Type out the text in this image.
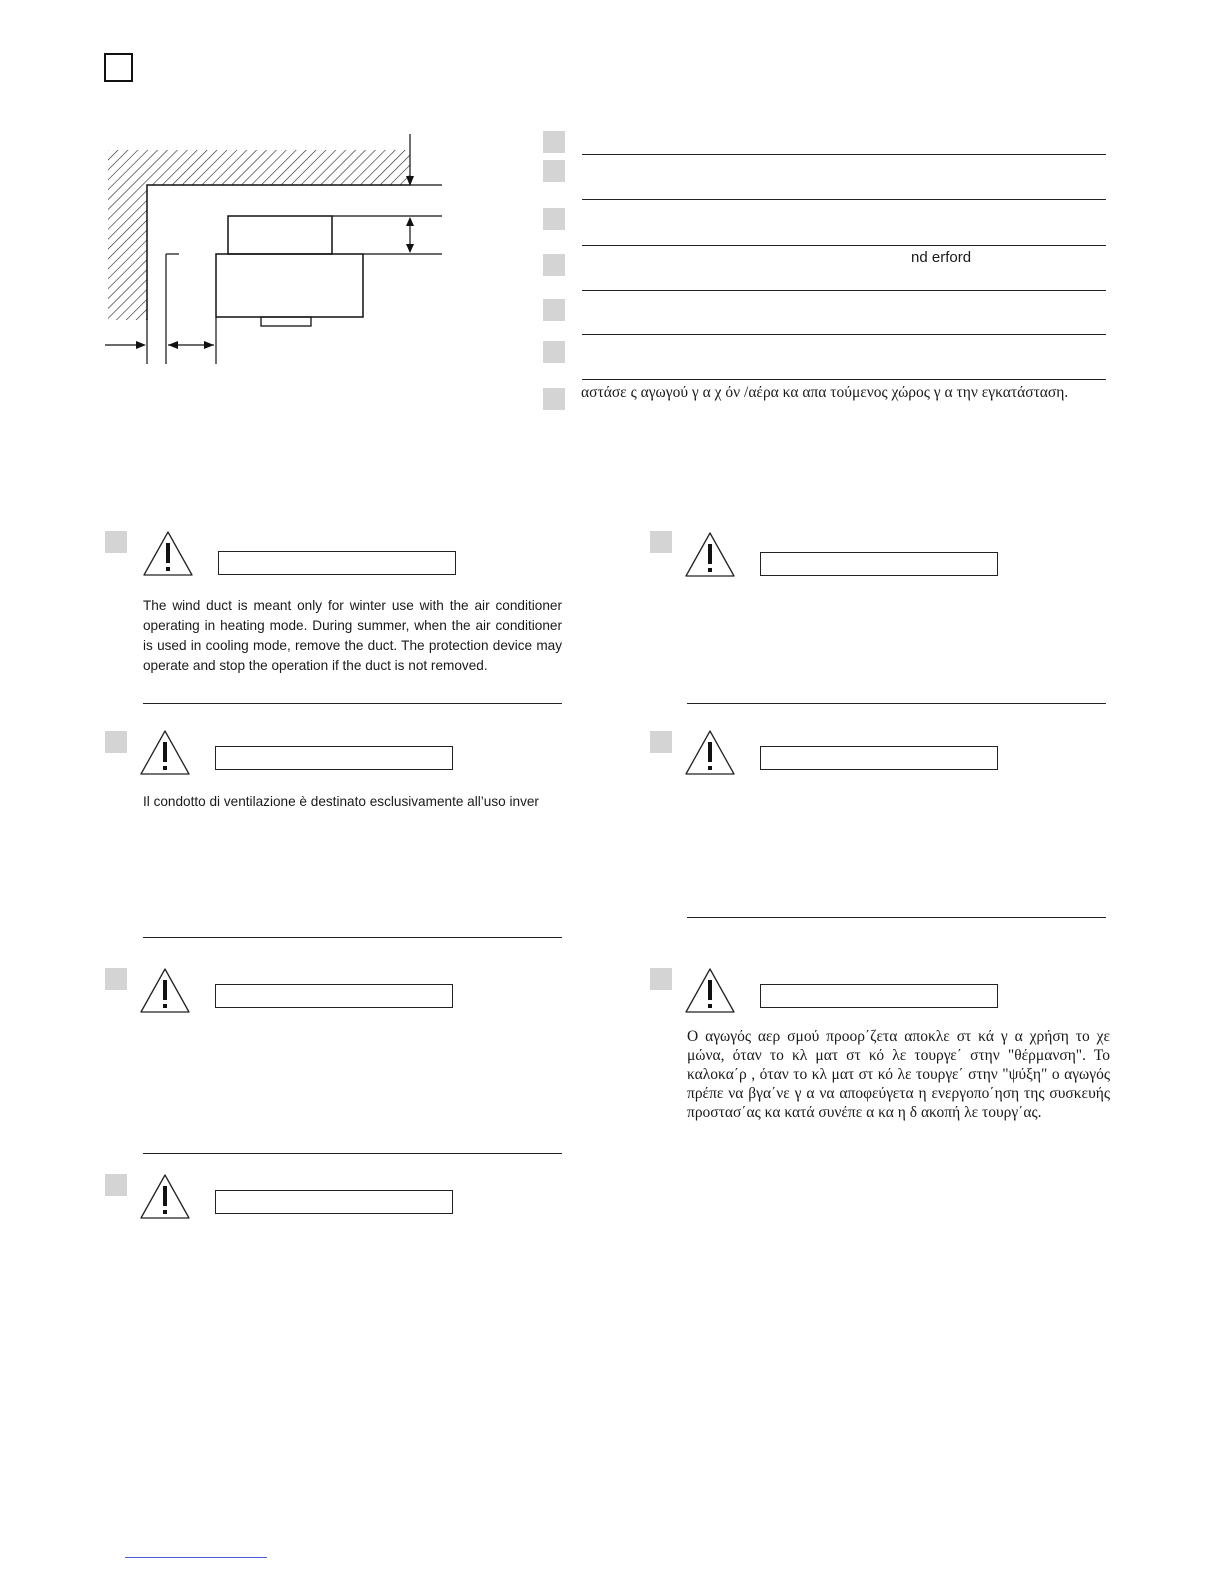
nd erford
αστάσε ς αγωγού γ α χ όν /αέρα κα απα τούμενος χώρος γ α την εγκατάσταση.
The wind duct is meant only for winter use with the air conditioner operating in heating mode. During summer, when the air conditioner is used in cooling mode, remove the duct. The protection device may operate and stop the operation if the duct is not removed.
Il condotto di ventilazione è destinato esclusivamente all’uso inver
Ο αγωγός αερ σμού προορ΄ζετα αποκλε στ κά γ α χρήση το χε μώνα, όταν το κλ ματ στ κό λε τουργε΄ στην "θέρμανση". Το καλοκα΄ρ , όταν το κλ ματ στ κό λε τουργε΄ στην "ψύξη" ο αγωγός πρέπε να βγα΄νε γ α να αποφεύγετα η ενεργοπο΄ηση της συσκευής προστασ΄ας κα κατά συνέπε α κα η δ ακοπή λε τουργ΄ας.
